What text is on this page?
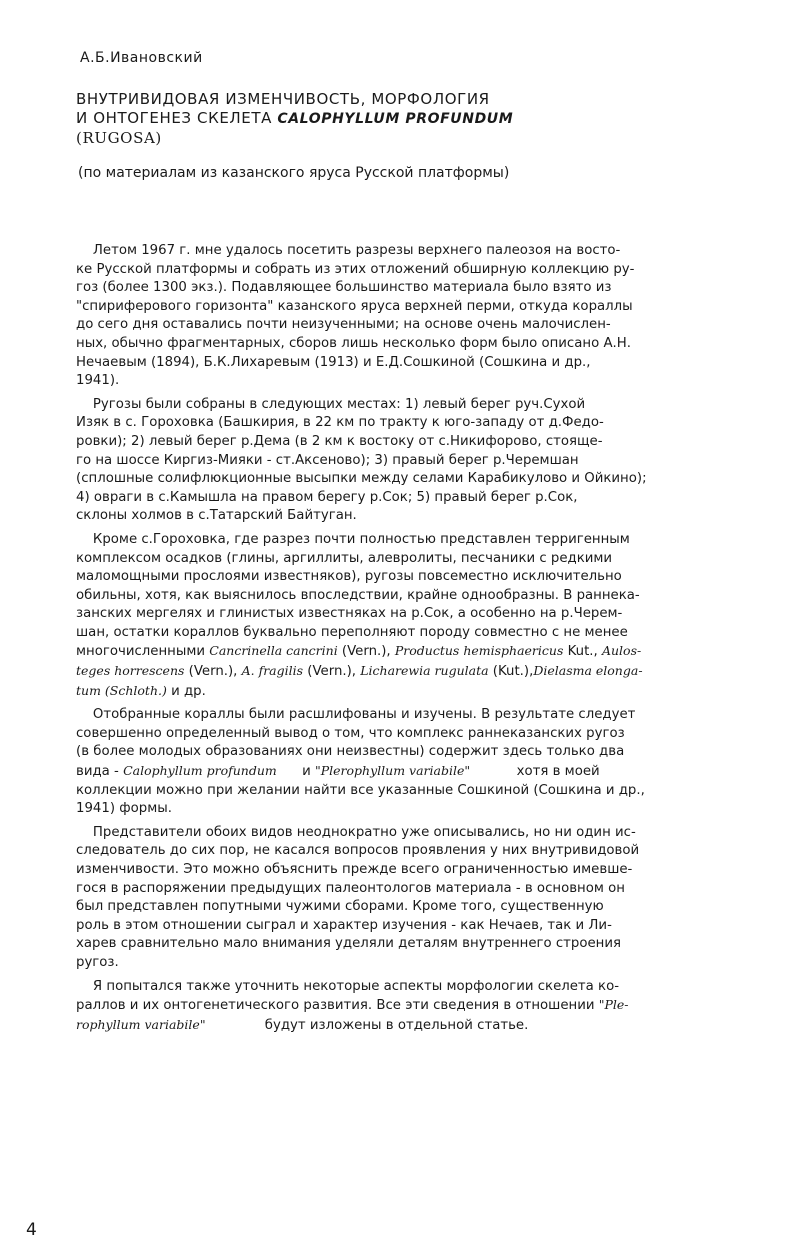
А.Б.Ивановский
ВНУТРИВИДОВАЯ ИЗМЕНЧИВОСТЬ, МОРФОЛОГИЯ
И ОНТОГЕНЕЗ СКЕЛЕТА CALOPHYLLUM PROFUNDUM
(RUGOSA)
(по материалам из казанского яруса Русской платформы)

Летом 1967 г. мне удалось посетить разрезы верхнего палеозоя на восто-
ке Русской платформы и собрать из этих отложений обширную коллекцию ру-
гоз (более 1300 экз.). Подавляющее большинство материала было взято из
"спириферового горизонта" казанского яруса верхней перми, откуда кораллы
до сего дня оставались почти неизученными; на основе очень малочислен-
ных, обычно фрагментарных, сборов лишь несколько форм было описано А.Н.
Нечаевым (1894), Б.К.Лихаревым (1913) и Е.Д.Сошкиной (Сошкина и др.,
1941).

Ругозы были собраны в следующих местах: 1) левый берег руч.Сухой
Изяк в с. Гороховка (Башкирия, в 22 км по тракту к юго-западу от д.Федо-
ровки); 2) левый берег р.Дема (в 2 км к востоку от с.Никифорово, стояще-
го на шоссе Киргиз-Мияки - ст.Аксеново); 3) правый берег р.Черемшан
(сплошные солифлюкционные высыпки между селами Карабикулово и Ойкино);
4) овраги в с.Камышла на правом берегу р.Сок; 5) правый берег р.Сок,
склоны холмов в с.Татарский Байтуган.

Кроме с.Гороховка, где разрез почти полностью представлен терригенным
комплексом осадков (глины, аргиллиты, алевролиты, песчаники с редкими
маломощными прослоями известняков), ругозы повсеместно исключительно
обильны, хотя, как выяснилось впоследствии, крайне однообразны. В раннека-
занских мергелях и глинистых известняках на р.Сок, а особенно на р.Черем-
шан, остатки кораллов буквально переполняют породу совместно с не менее
многочисленными Cancrinella cancrini (Vern.), Productus hemisphaericus Kut., Aulos-
teges horrescens (Vern.), A. fragilis (Vern.), Licharewia rugulata (Kut.),Dielasma elonga-
tum (Schloth.) и др.

Отобранные кораллы были расшлифованы и изучены. В результате следует
совершенно определенный вывод о том, что комплекс раннеказанских ругоз
(в более молодых образованиях они неизвестны) содержит здесь только два
вида - Calophyllum profundum      и "Plerophyllum variabile"           хотя в моей
коллекции можно при желании найти все указанные Сошкиной (Сошкина и др.,
1941) формы.

Представители обоих видов неоднократно уже описывались, но ни один ис-
следователь до сих пор, не касался вопросов проявления у них внутривидовой
изменчивости. Это можно объяснить прежде всего ограниченностью имевше-
гося в распоряжении предыдущих палеонтологов материала - в основном он
был представлен попутными чужими сборами. Кроме того, существенную
роль в этом отношении сыграл и характер изучения - как Нечаев, так и Ли-
харев сравнительно мало внимания уделяли деталям внутреннего строения
ругоз.

Я попытался также уточнить некоторые аспекты морфологии скелета ко-
раллов и их онтогенетического развития. Все эти сведения в отношении "Ple-
rophyllum variabile"              будут изложены в отдельной статье.

4
